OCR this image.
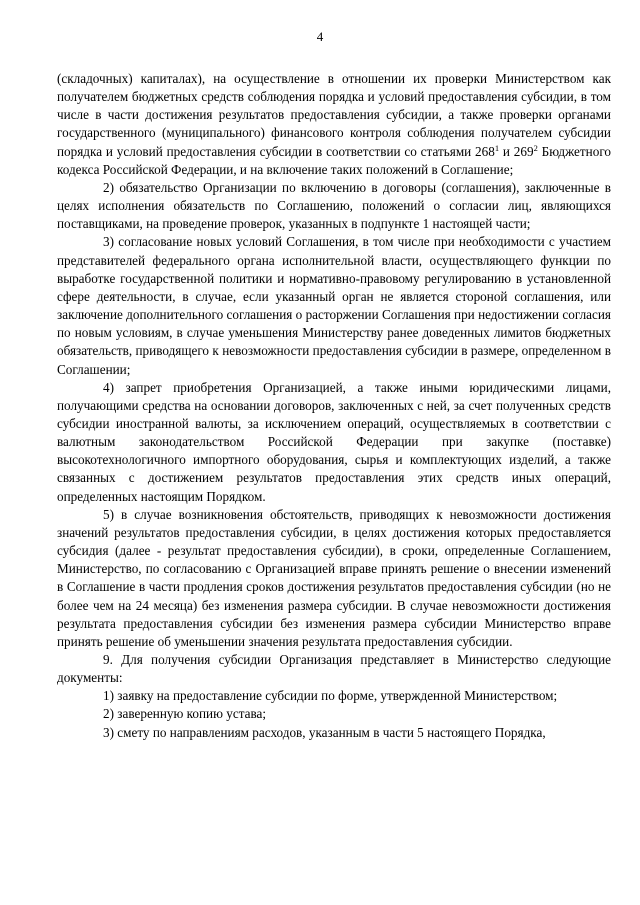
4

(складочных) капиталах), на осуществление в отношении их проверки Министерством как получателем бюджетных средств соблюдения порядка и условий предоставления субсидии, в том числе в части достижения результатов предоставления субсидии, а также проверки органами государственного (муниципального) финансового контроля соблюдения получателем субсидии порядка и условий предоставления субсидии в соответствии со статьями $268^1$ и $269^2$ Бюджетного кодекса Российской Федерации, и на включение таких положений в Соглашение;

2) обязательство Организации по включению в договоры (соглашения), заключенные в целях исполнения обязательств по Соглашению, положений о согласии лиц, являющихся поставщиками, на проведение проверок, указанных в подпункте 1 настоящей части;

3) согласование новых условий Соглашения, в том числе при необходимости с участием представителей федерального органа исполнительной власти, осуществляющего функции по выработке государственной политики и нормативно-правовому регулированию в установленной сфере деятельности, в случае, если указанный орган не является стороной соглашения, или заключение дополнительного соглашения о расторжении Соглашения при недостижении согласия по новым условиям, в случае уменьшения Министерству ранее доведенных лимитов бюджетных обязательств, приводящего к невозможности предоставления субсидии в размере, определенном в Соглашении;

4) запрет приобретения Организацией, а также иными юридическими лицами, получающими средства на основании договоров, заключенных с ней, за счет полученных средств субсидии иностранной валюты, за исключением операций, осуществляемых в соответствии с валютным законодательством Российской Федерации при закупке (поставке) высокотехнологичного импортного оборудования, сырья и комплектующих изделий, а также связанных с достижением результатов предоставления этих средств иных операций, определенных настоящим Порядком.

5) в случае возникновения обстоятельств, приводящих к невозможности достижения значений результатов предоставления субсидии, в целях достижения которых предоставляется субсидия (далее - результат предоставления субсидии), в сроки, определенные Соглашением, Министерство, по согласованию с Организацией вправе принять решение о внесении изменений в Соглашение в части продления сроков достижения результатов предоставления субсидии (но не более чем на 24 месяца) без изменения размера субсидии. В случае невозможности достижения результата предоставления субсидии без изменения размера субсидии Министерство вправе принять решение об уменьшении значения результата предоставления субсидии.

9. Для получения субсидии Организация представляет в Министерство следующие документы:

1) заявку на предоставление субсидии по форме, утвержденной Министерством;

2) заверенную копию устава;

3) смету по направлениям расходов, указанным в части 5 настоящего Порядка,
